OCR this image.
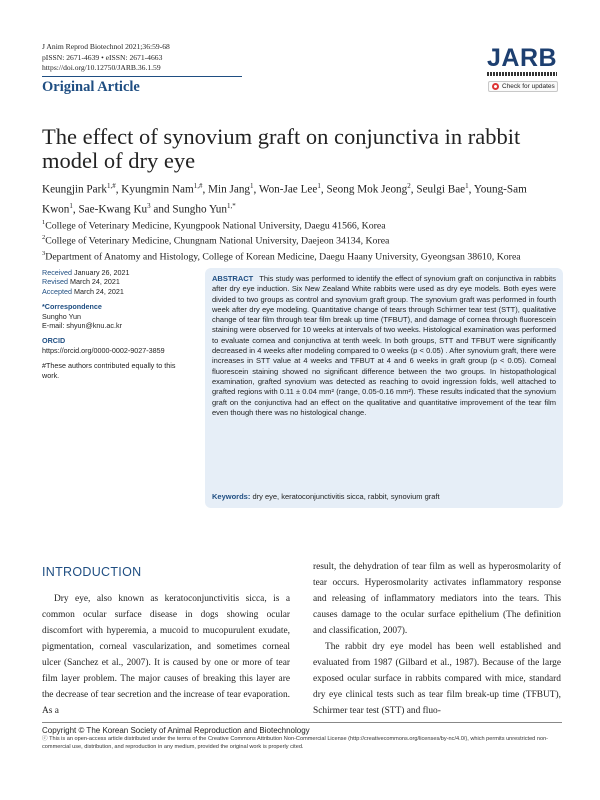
J Anim Reprod Biotechnol 2021;36:59-68
pISSN: 2671-4639 • eISSN: 2671-4663
https://doi.org/10.12750/JARB.36.1.59
Original Article
JARB
Check for updates
The effect of synovium graft on conjunctiva in rabbit model of dry eye
Keungjin Park$^{1,\#}$, Kyungmin Nam$^{1,\#}$, Min Jang$^1$, Won-Jae Lee$^1$, Seong Mok Jeong$^2$, Seulgi Bae$^1$, Young-Sam Kwon$^1$, Sae-Kwang Ku$^3$ and Sungho Yun$^{1,*}$
$^1$College of Veterinary Medicine, Kyungpook National University, Daegu 41566, Korea
$^2$College of Veterinary Medicine, Chungnam National University, Daejeon 34134, Korea
$^3$Department of Anatomy and Histology, College of Korean Medicine, Daegu Haany University, Gyeongsan 38610, Korea
Received January 26, 2021
Revised March 24, 2021
Accepted March 24, 2021
*Correspondence
Sungho Yun
E-mail: shyun@knu.ac.kr
ORCID
https://orcid.org/0000-0002-9027-3859
#These authors contributed equally to this work.
ABSTRACT This study was performed to identify the effect of synovium graft on conjunctiva in rabbits after dry eye induction. Six New Zealand White rabbits were used as dry eye models. Both eyes were divided to two groups as control and synovium graft group. The synovium graft was performed in fourth week after dry eye modeling. Quantitative change of tears through Schirmer tear test (STT), qualitative change of tear film through tear film break up time (TFBUT), and damage of cornea through fluorescein staining were observed for 10 weeks at intervals of two weeks. Histological examination was performed to evaluate cornea and conjunctiva at tenth week. In both groups, STT and TFBUT were significantly decreased in 4 weeks after modeling compared to 0 weeks (p < 0.05) . After synovium graft, there were increases in STT value at 4 weeks and TFBUT at 4 and 6 weeks in graft group (p < 0.05). Corneal fluorescein staining showed no significant difference between the two groups. In histopathological examination, grafted synovium was detected as reaching to ovoid ingression folds, well attached to grafted regions with 0.11 ± 0.04 mm² (range, 0.05-0.16 mm²). These results indicated that the synovium graft on the conjunctiva had an effect on the qualitative and quantitative improvement of the tear film even though there was no histological change.
Keywords: dry eye, keratoconjunctivitis sicca, rabbit, synovium graft
INTRODUCTION

Dry eye, also known as keratoconjunctivitis sicca, is a common ocular surface disease in dogs showing ocular discomfort with hyperemia, a mucoid to mucopurulent exudate, pigmentation, corneal vascularization, and sometimes corneal ulcer (Sanchez et al., 2007). It is caused by one or more of tear film layer problem. The major causes of breaking this layer are the decrease of tear secretion and the increase of tear evaporation. As a

result, the dehydration of tear film as well as hyperosmolarity of tear occurs. Hyperosmolarity activates inflammatory response and releasing of inflammatory mediators into the tears. This causes damage to the ocular surface epithelium (The definition and classification, 2007).

The rabbit dry eye model has been well established and evaluated from 1987 (Gilbard et al., 1987). Because of the large exposed ocular surface in rabbits compared with mice, standard dry eye clinical tests such as tear film break-up time (TFBUT), Schirmer tear test (STT) and fluo-

Copyright © The Korean Society of Animal Reproduction and Biotechnology
ⓒ This is an open-access article distributed under the terms of the Creative Commons Attribution Non-Commercial License (http://creativecommons.org/licenses/by-nc/4.0/), which permits unrestricted non-commercial use, distribution, and reproduction in any medium, provided the original work is properly cited.
